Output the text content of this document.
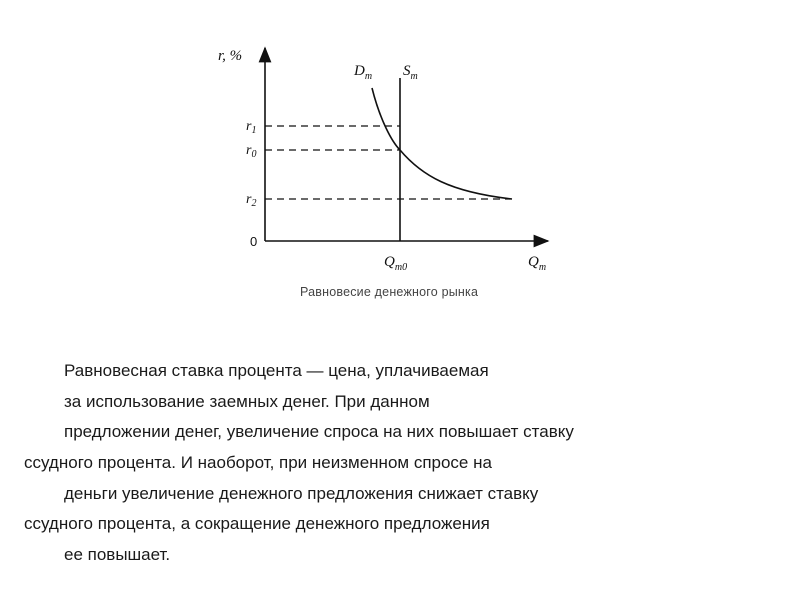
r, %
$D_m$ $S_m$
$r_1$
$r_0$
$r_2$
0
$Q_{m0}$	$Q_m$
Равновесие денежного рынка
Равновесная ставка процента — цена, уплачиваемая
за использование заемных денег. При данном
предложении денег, увеличение спроса на них повышает ставку
ссудного процента. И наоборот, при неизменном спросе на
деньги увеличение денежного предложения снижает ставку
ссудного процента, а сокращение денежного предложения
ее повышает.
